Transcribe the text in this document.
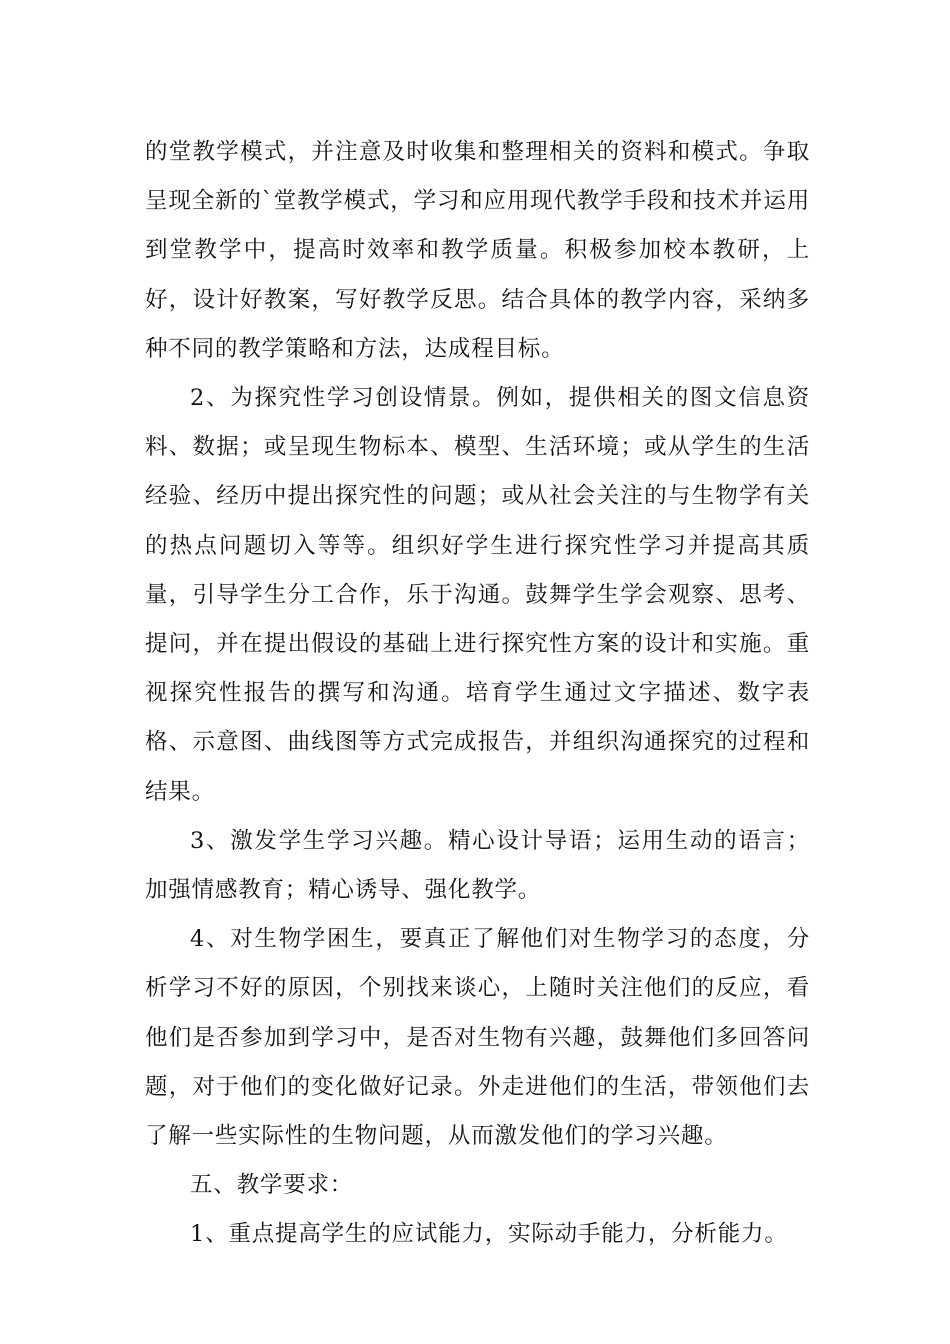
的堂教学模式，并注意及时收集和整理相关的资料和模式。争取呈现全新的`堂教学模式，学习和应用现代教学手段和技术并运用到堂教学中，提高时效率和教学质量。积极参加校本教研，上好，设计好教案，写好教学反思。结合具体的教学内容，采纳多种不同的教学策略和方法，达成程目标。

2、为探究性学习创设情景。例如，提供相关的图文信息资料、数据；或呈现生物标本、模型、生活环境；或从学生的生活经验、经历中提出探究性的问题；或从社会关注的与生物学有关的热点问题切入等等。组织好学生进行探究性学习并提高其质量，引导学生分工合作，乐于沟通。鼓舞学生学会观察、思考、提问，并在提出假设的基础上进行探究性方案的设计和实施。重视探究性报告的撰写和沟通。培育学生通过文字描述、数字表格、示意图、曲线图等方式完成报告，并组织沟通探究的过程和结果。

3、激发学生学习兴趣。精心设计导语；运用生动的语言；加强情感教育；精心诱导、强化教学。

4、对生物学困生，要真正了解他们对生物学习的态度，分析学习不好的原因，个别找来谈心，上随时关注他们的反应，看他们是否参加到学习中，是否对生物有兴趣，鼓舞他们多回答问题，对于他们的变化做好记录。外走进他们的生活，带领他们去了解一些实际性的生物问题，从而激发他们的学习兴趣。

五、教学要求：

1、重点提高学生的应试能力，实际动手能力，分析能力。
